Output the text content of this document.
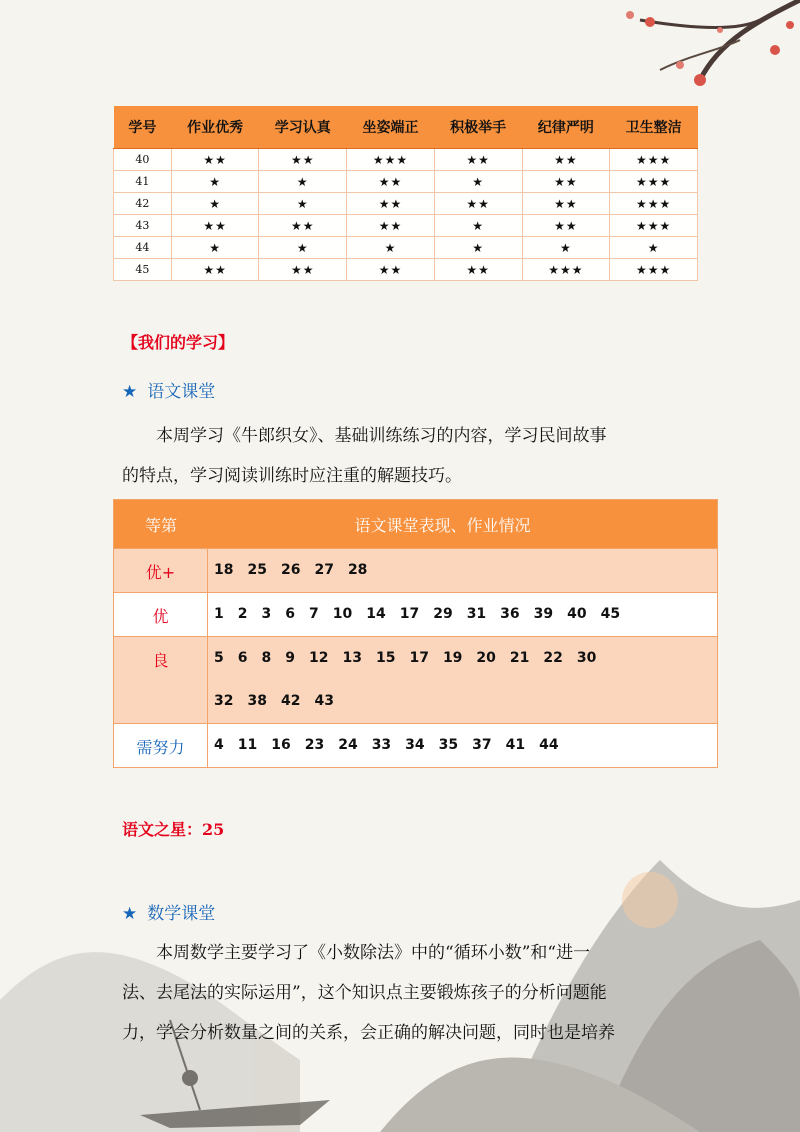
学号	作业优秀	学习认真	坐姿端正	积极举手	纪律严明	卫生整洁
40	★★	★★	★★★	★★	★★	★★★
41	★	★	★★	★	★★	★★★
42	★	★	★★	★★	★★	★★★
43	★★	★★	★★	★	★★	★★★
44	★	★	★	★	★	★
45	★★	★★	★★	★★	★★★	★★★
【我们的学习】
★ 语文课堂
本周学习《牛郎织女》、基础训练练习的内容，学习民间故事
的特点，学习阅读训练时应注重的解题技巧。
等第	语文课堂表现、作业情况
优+	18 25 26 27 28
优	1 2 3 6 7 10 14 17 29 31 36 39 40 45
良	5 6 8 9 12 13 15 17 19 20 21 22 30
32 38 42 43
需努力	4 11 16 23 24 33 34 35 37 41 44
语文之星：25
★ 数学课堂
本周数学主要学习了《小数除法》中的“循环小数”和“进一
法、去尾法的实际运用”，这个知识点主要锻炼孩子的分析问题能
力，学会分析数量之间的关系，会正确的解决问题，同时也是培养
